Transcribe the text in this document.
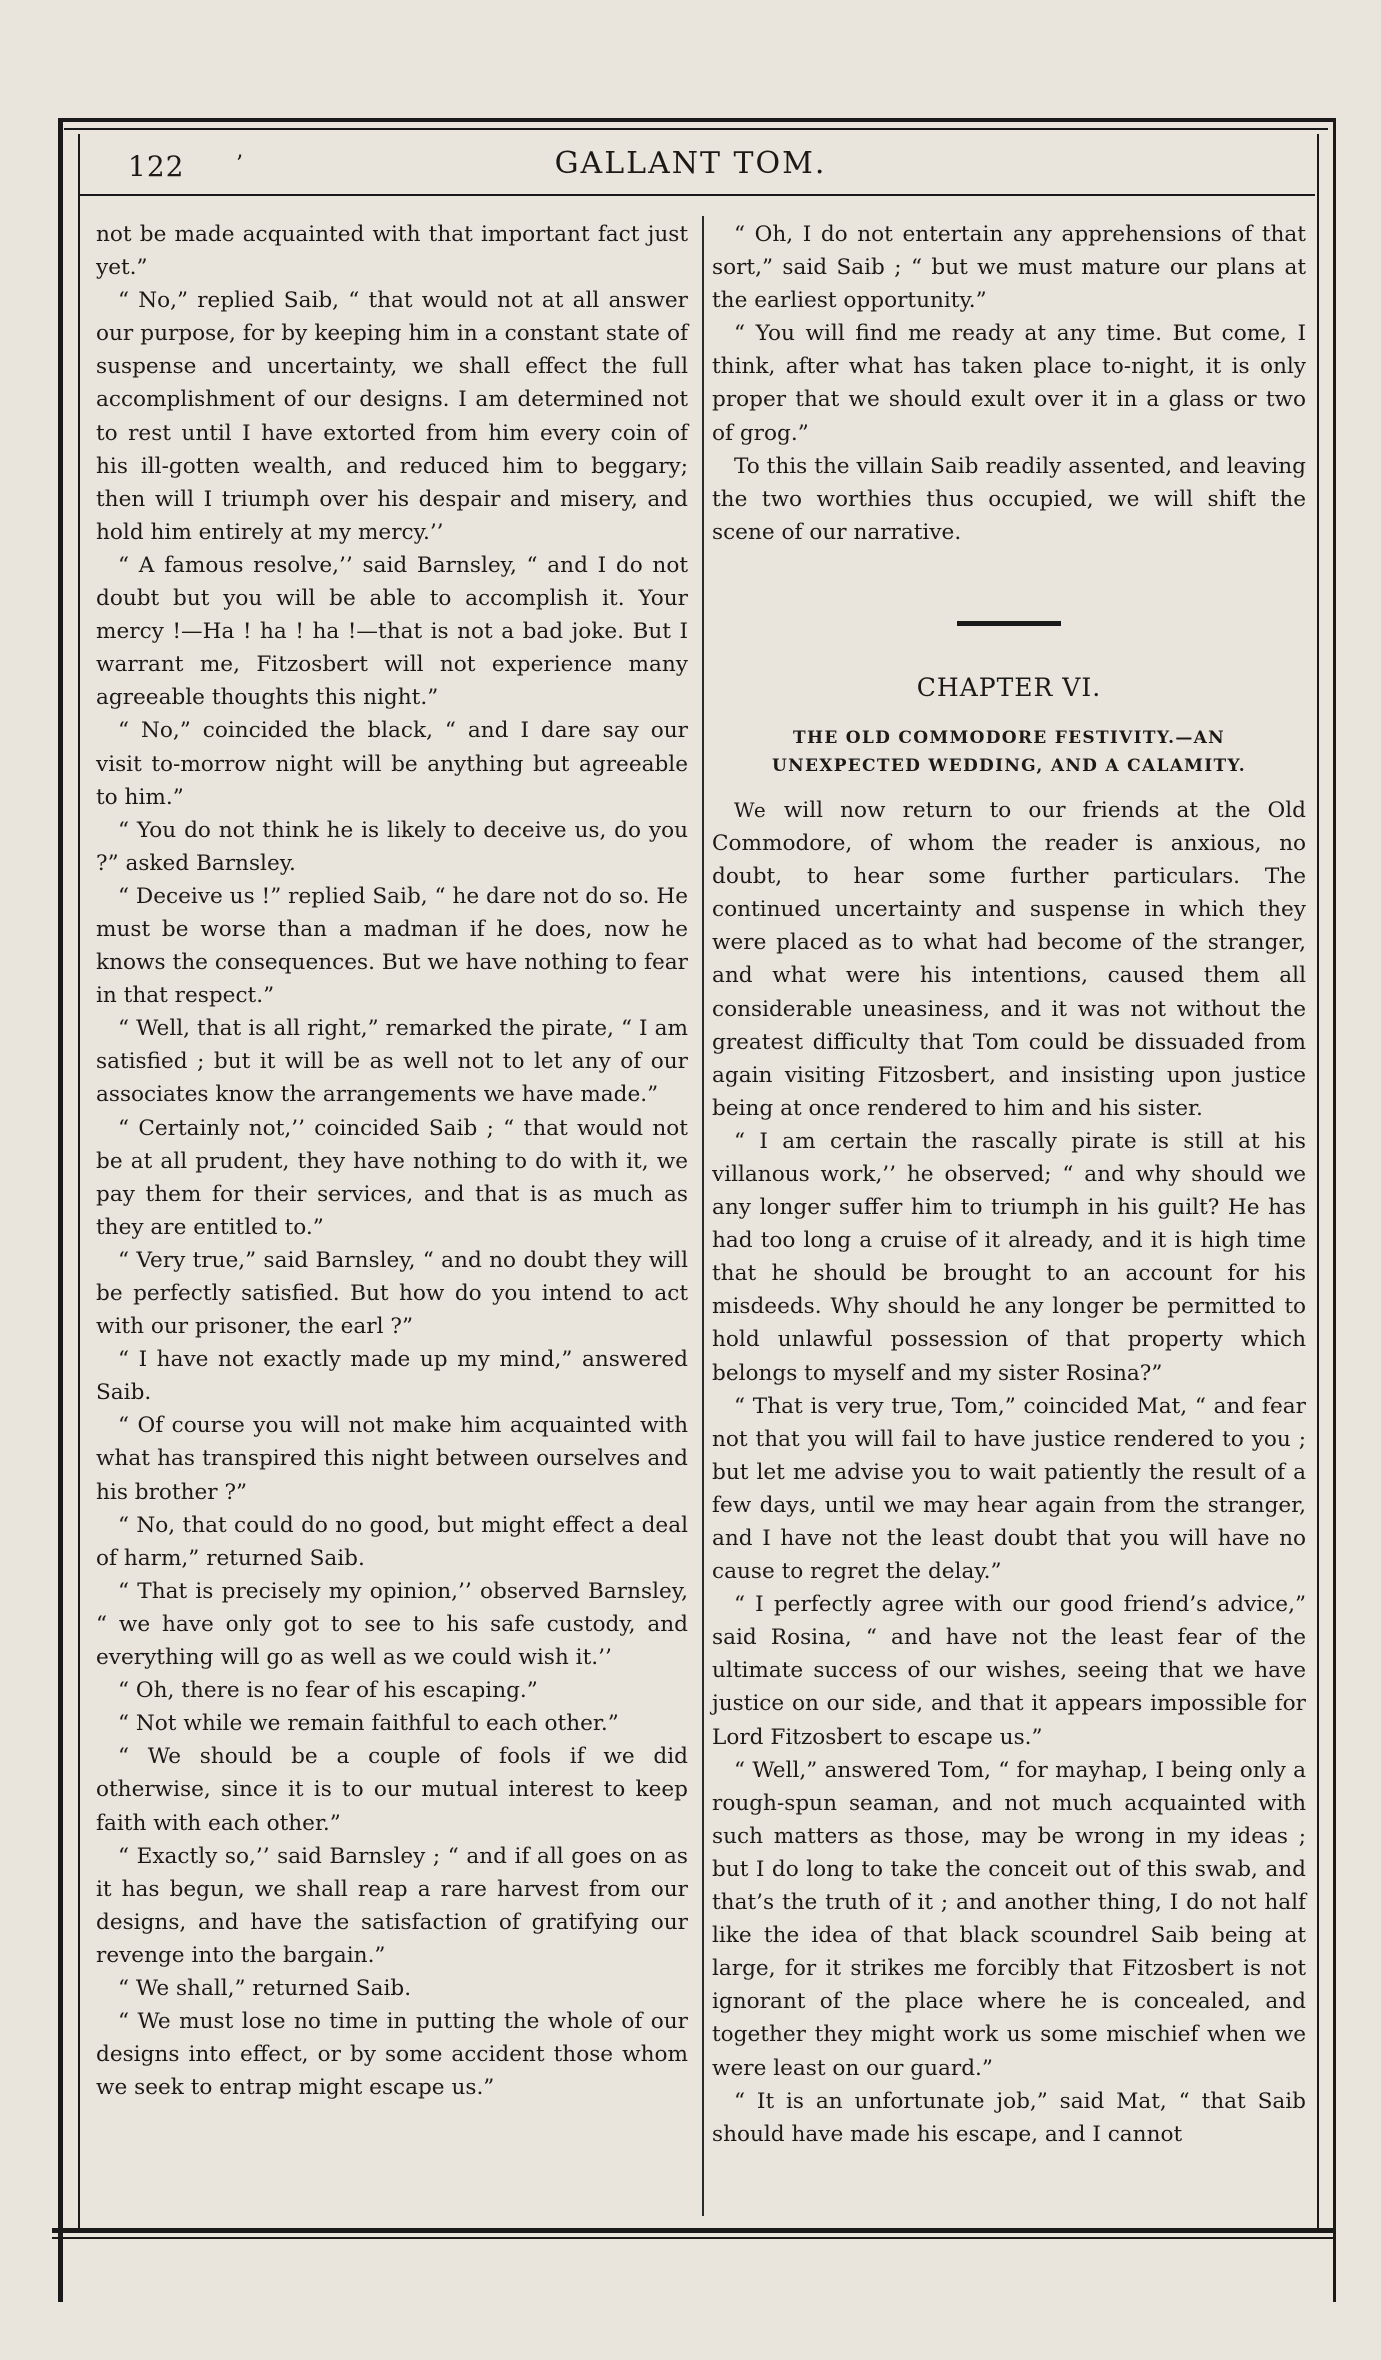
122 ’	GALLANT TOM.

not be made acquainted with that important fact just yet.”

“ No,” replied Saib, “ that would not at all answer our purpose, for by keeping him in a constant state of suspense and uncertainty, we shall effect the full accomplishment of our designs. I am determined not to rest until I have extorted from him every coin of his ill-gotten wealth, and reduced him to beggary; then will I triumph over his despair and misery, and hold him entirely at my mercy.’’

“ A famous resolve,’’ said Barnsley, “ and I do not doubt but you will be able to accomplish it. Your mercy !—Ha ! ha ! ha !—that is not a bad joke. But I warrant me, Fitzosbert will not experience many agreeable thoughts this night.”

“ No,” coincided the black, “ and I dare say our visit to-morrow night will be anything but agreeable to him.”

“ You do not think he is likely to deceive us, do you ?” asked Barnsley.

“ Deceive us !” replied Saib, “ he dare not do so. He must be worse than a madman if he does, now he knows the consequences. But we have nothing to fear in that respect.”

“ Well, that is all right,” remarked the pirate, “ I am satisfied ; but it will be as well not to let any of our associates know the arrangements we have made.”

“ Certainly not,’’ coincided Saib ; “ that would not be at all prudent, they have nothing to do with it, we pay them for their services, and that is as much as they are entitled to.”

“ Very true,” said Barnsley, “ and no doubt they will be perfectly satisfied. But how do you intend to act with our prisoner, the earl ?”

“ I have not exactly made up my mind,” answered Saib.

“ Of course you will not make him acquainted with what has transpired this night between ourselves and his brother ?”

“ No, that could do no good, but might effect a deal of harm,” returned Saib.

“ That is precisely my opinion,’’ observed Barnsley, “ we have only got to see to his safe custody, and everything will go as well as we could wish it.’’

“ Oh, there is no fear of his escaping.”

“ Not while we remain faithful to each other.”

“ We should be a couple of fools if we did otherwise, since it is to our mutual interest to keep faith with each other.”

“ Exactly so,’’ said Barnsley ; “ and if all goes on as it has begun, we shall reap a rare harvest from our designs, and have the satisfaction of gratifying our revenge into the bargain.”

“ We shall,” returned Saib.

“ We must lose no time in putting the whole of our designs into effect, or by some accident those whom we seek to entrap might escape us.”

“ Oh, I do not entertain any apprehensions of that sort,” said Saib ; “ but we must mature our plans at the earliest opportunity.”

“ You will find me ready at any time. But come, I think, after what has taken place to-night, it is only proper that we should exult over it in a glass or two of grog.”

To this the villain Saib readily assented, and leaving the two worthies thus occupied, we will shift the scene of our narrative.

CHAPTER VI.
THE OLD COMMODORE FESTIVITY.—AN UNEXPECTED WEDDING, AND A CALAMITY.

We will now return to our friends at the Old Commodore, of whom the reader is anxious, no doubt, to hear some further particulars. The continued uncertainty and suspense in which they were placed as to what had become of the stranger, and what were his intentions, caused them all considerable uneasiness, and it was not without the greatest difficulty that Tom could be dissuaded from again visiting Fitzosbert, and insisting upon justice being at once rendered to him and his sister.

“ I am certain the rascally pirate is still at his villanous work,’’ he observed; “ and why should we any longer suffer him to triumph in his guilt? He has had too long a cruise of it already, and it is high time that he should be brought to an account for his misdeeds. Why should he any longer be permitted to hold unlawful possession of that property which belongs to myself and my sister Rosina?”

“ That is very true, Tom,” coincided Mat, “ and fear not that you will fail to have justice rendered to you ; but let me advise you to wait patiently the result of a few days, until we may hear again from the stranger, and I have not the least doubt that you will have no cause to regret the delay.”

“ I perfectly agree with our good friend’s advice,” said Rosina, “ and have not the least fear of the ultimate success of our wishes, seeing that we have justice on our side, and that it appears impossible for Lord Fitzosbert to escape us.”

“ Well,” answered Tom, “ for mayhap, I being only a rough-spun seaman, and not much acquainted with such matters as those, may be wrong in my ideas ; but I do long to take the conceit out of this swab, and that’s the truth of it ; and another thing, I do not half like the idea of that black scoundrel Saib being at large, for it strikes me forcibly that Fitzosbert is not ignorant of the place where he is concealed, and together they might work us some mischief when we were least on our guard.”

“ It is an unfortunate job,” said Mat, “ that Saib should have made his escape, and I cannot
